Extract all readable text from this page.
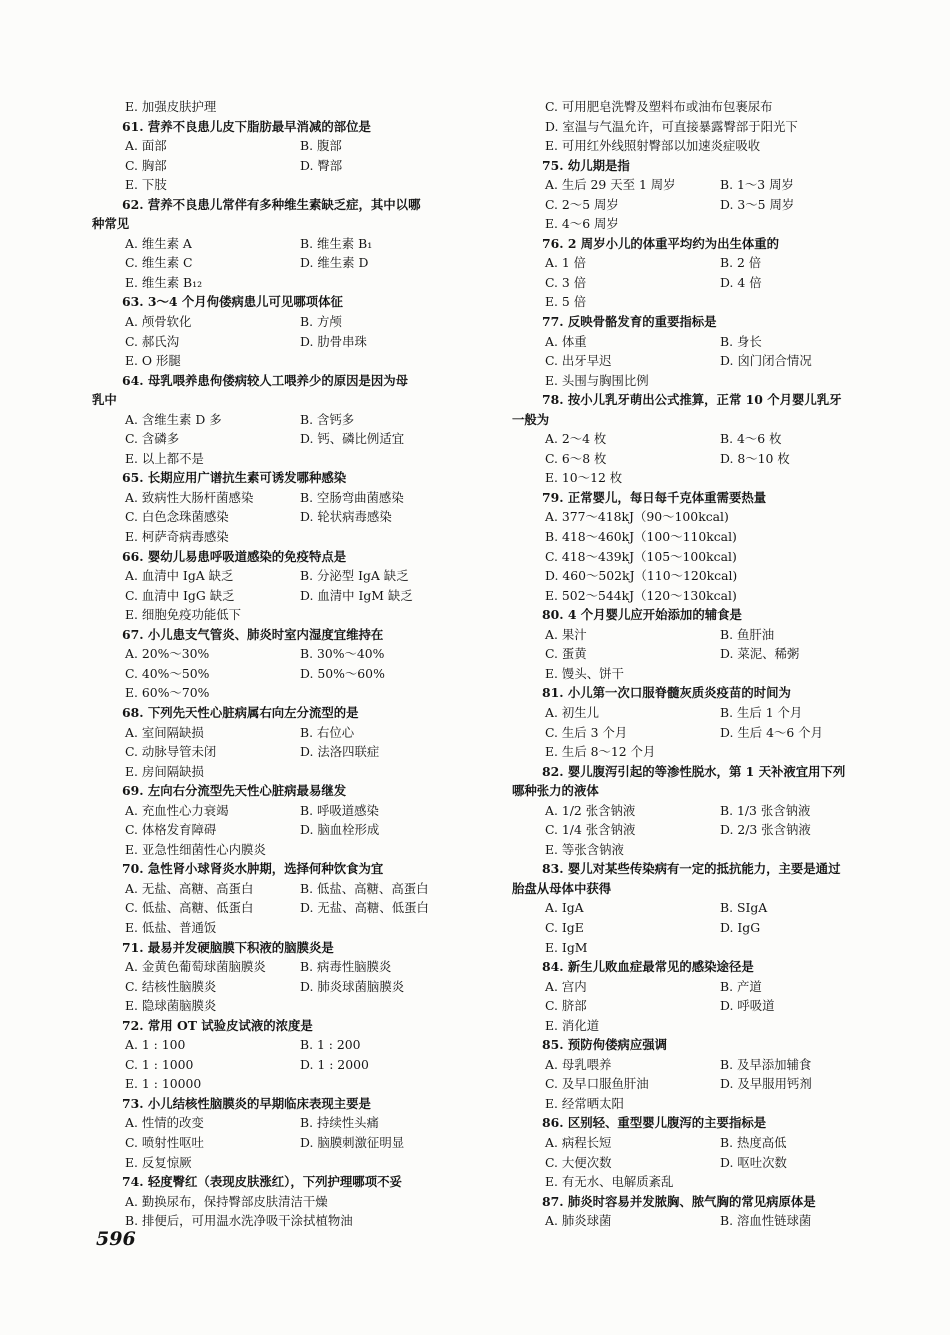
E. 加强皮肤护理
61. 营养不良患儿皮下脂肪最早消减的部位是
A. 面部	B. 腹部
C. 胸部	D. 臀部
E. 下肢
62. 营养不良患儿常伴有多种维生素缺乏症，其中以哪
种常见
A. 维生素 A	B. 维生素 B₁
C. 维生素 C	D. 维生素 D
E. 维生素 B₁₂
63. 3～4 个月佝偻病患儿可见哪项体征
A. 颅骨软化	B. 方颅
C. 郝氏沟	D. 肋骨串珠
E. O 形腿
64. 母乳喂养患佝偻病较人工喂养少的原因是因为母
乳中
A. 含维生素 D 多	B. 含钙多
C. 含磷多	D. 钙、磷比例适宜
E. 以上都不是
65. 长期应用广谱抗生素可诱发哪种感染
A. 致病性大肠杆菌感染	B. 空肠弯曲菌感染
C. 白色念珠菌感染	D. 轮状病毒感染
E. 柯萨奇病毒感染
66. 婴幼儿易患呼吸道感染的免疫特点是
A. 血清中 IgA 缺乏	B. 分泌型 IgA 缺乏
C. 血清中 IgG 缺乏	D. 血清中 IgM 缺乏
E. 细胞免疫功能低下
67. 小儿患支气管炎、肺炎时室内湿度宜维持在
A. 20%～30%	B. 30%～40%
C. 40%～50%	D. 50%～60%
E. 60%～70%
68. 下列先天性心脏病属右向左分流型的是
A. 室间隔缺损	B. 右位心
C. 动脉导管未闭	D. 法洛四联症
E. 房间隔缺损
69. 左向右分流型先天性心脏病最易继发
A. 充血性心力衰竭	B. 呼吸道感染
C. 体格发育障碍	D. 脑血栓形成
E. 亚急性细菌性心内膜炎
70. 急性肾小球肾炎水肿期，选择何种饮食为宜
A. 无盐、高糖、高蛋白	B. 低盐、高糖、高蛋白
C. 低盐、高糖、低蛋白	D. 无盐、高糖、低蛋白
E. 低盐、普通饭
71. 最易并发硬脑膜下积液的脑膜炎是
A. 金黄色葡萄球菌脑膜炎	B. 病毒性脑膜炎
C. 结核性脑膜炎	D. 肺炎球菌脑膜炎
E. 隐球菌脑膜炎
72. 常用 OT 试验皮试液的浓度是
A. 1 : 100	B. 1 : 200
C. 1 : 1000	D. 1 : 2000
E. 1 : 10000
73. 小儿结核性脑膜炎的早期临床表现主要是
A. 性情的改变	B. 持续性头痛
C. 喷射性呕吐	D. 脑膜刺激征明显
E. 反复惊厥
74. 轻度臀红（表现皮肤涨红），下列护理哪项不妥
A. 勤换尿布，保持臀部皮肤清洁干燥
B. 排便后，可用温水洗净吸干涂拭植物油
C. 可用肥皂洗臀及塑料布或油布包裹尿布
D. 室温与气温允许，可直接暴露臀部于阳光下
E. 可用红外线照射臀部以加速炎症吸收
75. 幼儿期是指
A. 生后 29 天至 1 周岁	B. 1～3 周岁
C. 2～5 周岁	D. 3～5 周岁
E. 4～6 周岁
76. 2 周岁小儿的体重平均约为出生体重的
A. 1 倍	B. 2 倍
C. 3 倍	D. 4 倍
E. 5 倍
77. 反映骨骼发育的重要指标是
A. 体重	B. 身长
C. 出牙早迟	D. 囟门闭合情况
E. 头围与胸围比例
78. 按小儿乳牙萌出公式推算，正常 10 个月婴儿乳牙
一般为
A. 2～4 枚	B. 4～6 枚
C. 6～8 枚	D. 8～10 枚
E. 10～12 枚
79. 正常婴儿，每日每千克体重需要热量
A. 377～418kJ（90～100kcal)
B. 418～460kJ（100～110kcal)
C. 418～439kJ（105～100kcal)
D. 460～502kJ（110～120kcal)
E. 502～544kJ（120～130kcal)
80. 4 个月婴儿应开始添加的辅食是
A. 果汁	B. 鱼肝油
C. 蛋黄	D. 菜泥、稀粥
E. 馒头、饼干
81. 小儿第一次口服脊髓灰质炎疫苗的时间为
A. 初生儿	B. 生后 1 个月
C. 生后 3 个月	D. 生后 4～6 个月
E. 生后 8～12 个月
82. 婴儿腹泻引起的等渗性脱水，第 1 天补液宜用下列
哪种张力的液体
A. 1/2 张含钠液	B. 1/3 张含钠液
C. 1/4 张含钠液	D. 2/3 张含钠液
E. 等张含钠液
83. 婴儿对某些传染病有一定的抵抗能力，主要是通过
胎盘从母体中获得
A. IgA	B. SIgA
C. IgE	D. IgG
E. IgM
84. 新生儿败血症最常见的感染途径是
A. 宫内	B. 产道
C. 脐部	D. 呼吸道
E. 消化道
85. 预防佝偻病应强调
A. 母乳喂养	B. 及早添加辅食
C. 及早口服鱼肝油	D. 及早服用钙剂
E. 经常晒太阳
86. 区别轻、重型婴儿腹泻的主要指标是
A. 病程长短	B. 热度高低
C. 大便次数	D. 呕吐次数
E. 有无水、电解质紊乱
87. 肺炎时容易并发脓胸、脓气胸的常见病原体是
A. 肺炎球菌	B. 溶血性链球菌
596
